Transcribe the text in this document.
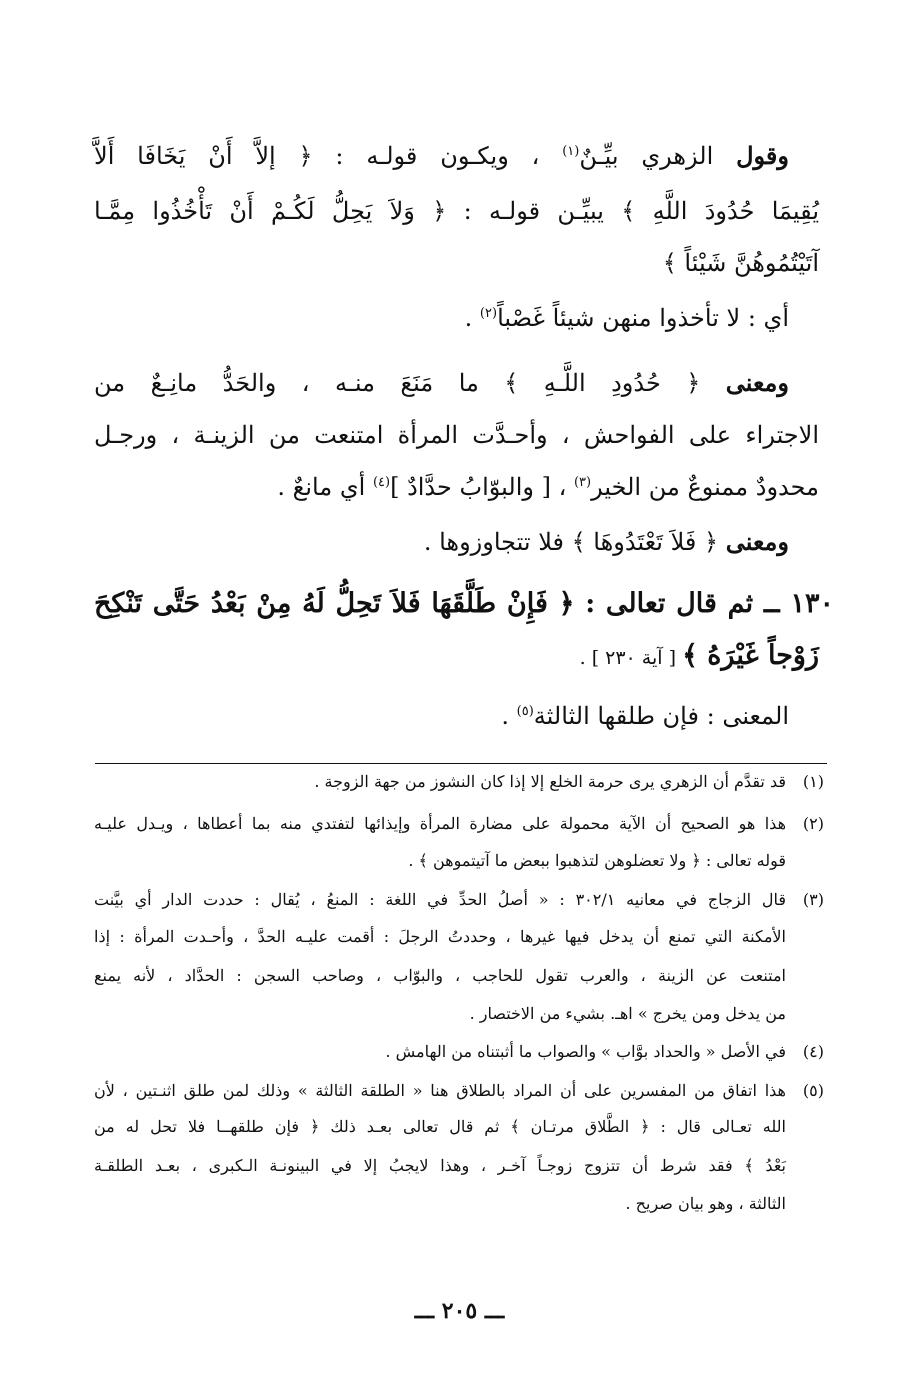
وقول الزهري بيِّـنٌ$^{(١)}$ ، ويكـون قولـه : ﴿ إلاَّ أَنْ يَخَافَا أَلاَّ
يُقِيمَا حُدُودَ اللَّهِ ﴾ يبيِّـن قولـه : ﴿ وَلاَ يَحِلُّ لَكُـمْ أَنْ تَأْخُذُوا مِمَّـا
آتَيْتُمُوهُنَّ شَيْئاً ﴾
أي : لا تأخذوا منهن شيئاً غَصْباً$^{(٢)}$ .
ومعنى ﴿ حُدُودِ اللَّـهِ ﴾ ما مَنَعَ منـه ، والحَدُّ مانِـعٌ من
الاجتراء على الفواحش ، وأحـدَّت المرأة امتنعت من الزينـة ، ورجـل
محدودٌ ممنوعٌ من الخير$^{(٣)}$ ، [ والبوّابُ حدَّادٌ ]$^{(٤)}$ أي مانعٌ .
ومعنى ﴿ فَلاَ تَعْتَدُوهَا ﴾ فلا تتجاوزوها .
١٣٠ ــ ثم قال تعالى : ﴿ فَإِنْ طَلَّقَهَا فَلاَ تَحِلُّ لَهُ مِنْ بَعْدُ حَتَّى تَنْكِحَ
زَوْجاً غَيْرَهُ ﴾ [ آية ٢٣٠ ] .
المعنى : فإن طلقها الثالثة$^{(٥)}$ .
(١)
قد تقدَّم أن الزهري يرى حرمة الخلع إلا إذا كان النشوز من جهة الزوجة .
(٢)
هذا هو الصحيح أن الآية محمولة على مضارة المرأة وإيذائها لتفتدي منه بما أعطاها ، ويـدل عليـه
قوله تعالى : ﴿ ولا تعضلوهن لتذهبوا ببعض ما آتيتموهن ﴾ .
(٣)
قال الزجاج في معانيه ٣٠٢/١ : « أصلُ الحدِّ في اللغة : المنعُ ، يُقال : حددت الدار أي بيَّنت
الأمكنة التي تمنع أن يدخل فيها غيرها ، وحددتُ الرجلَ : أقمت عليـه الحدَّ ، وأحـدت المرأة : إذا
امتنعت عن الزينة ، والعرب تقول للحاجب ، والبوّاب ، وصاحب السجن : الحدَّاد ، لأنه يمنع
من يدخل ومن يخرج » اهـ. بشيء من الاختصار .
(٤)
في الأصل « والحداد بوَّاب » والصواب ما أثبتناه من الهامش .
(٥)
هذا اتفاق من المفسرين على أن المراد بالطلاق هنا « الطلقة الثالثة » وذلك لمن طلق اثنـتين ، لأن
الله تعـالى قال : ﴿ الطَّلاق مرتـان ﴾ ثم قال تعالى بعـد ذلك ﴿ فإن طلقهــا فلا تحل له من
بَعْدُ ﴾ فقد شرط أن تتزوج زوجـاً آخـر ، وهذا لايجبُ إلا في البينونـة الـكبرى ، بعـد الطلقـة
الثالثة ، وهو بيان صريح .
ـــ ٢٠٥ ـــ
